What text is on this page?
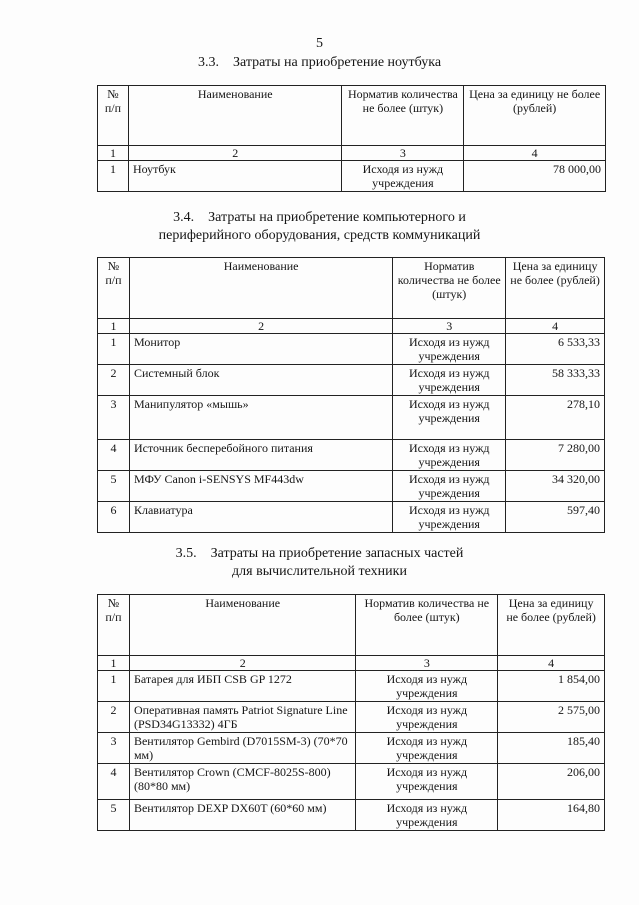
5
3.3. Затраты на приобретение ноутбука
№ п/п	Наименование	Норматив количества не более (штук)	Цена за единицу не более (рублей)
1	2	3	4
1	Ноутбук	Исходя из нужд учреждения	78 000,00
3.4. Затраты на приобретение компьютерного и
периферийного оборудования, средств коммуникаций
№ п/п	Наименование	Норматив количества не более (штук)	Цена за единицу не более (рублей)
1	2	3	4
1	Монитор	Исходя из нужд учреждения	6 533,33
2	Системный блок	Исходя из нужд учреждения	58 333,33
3	Манипулятор «мышь»	Исходя из нужд учреждения	278,10
4	Источник бесперебойного питания	Исходя из нужд учреждения	7 280,00
5	МФУ Canon i-SENSYS MF443dw	Исходя из нужд учреждения	34 320,00
6	Клавиатура	Исходя из нужд учреждения	597,40
3.5. Затраты на приобретение запасных частей
для вычислительной техники
№ п/п	Наименование	Норматив количества не более (штук)	Цена за единицу не более (рублей)
1	2	3	4
1	Батарея для ИБП CSB GP 1272	Исходя из нужд учреждения	1 854,00
2	Оперативная память Patriot Signature Line (PSD34G13332) 4ГБ	Исходя из нужд учреждения	2 575,00
3	Вентилятор Gembird (D7015SM-3) (70*70 мм)	Исходя из нужд учреждения	185,40
4	Вентилятор Crown (CMCF-8025S-800) (80*80 мм)	Исходя из нужд учреждения	206,00
5	Вентилятор DEXP DX60T (60*60 мм)	Исходя из нужд учреждения	164,80
